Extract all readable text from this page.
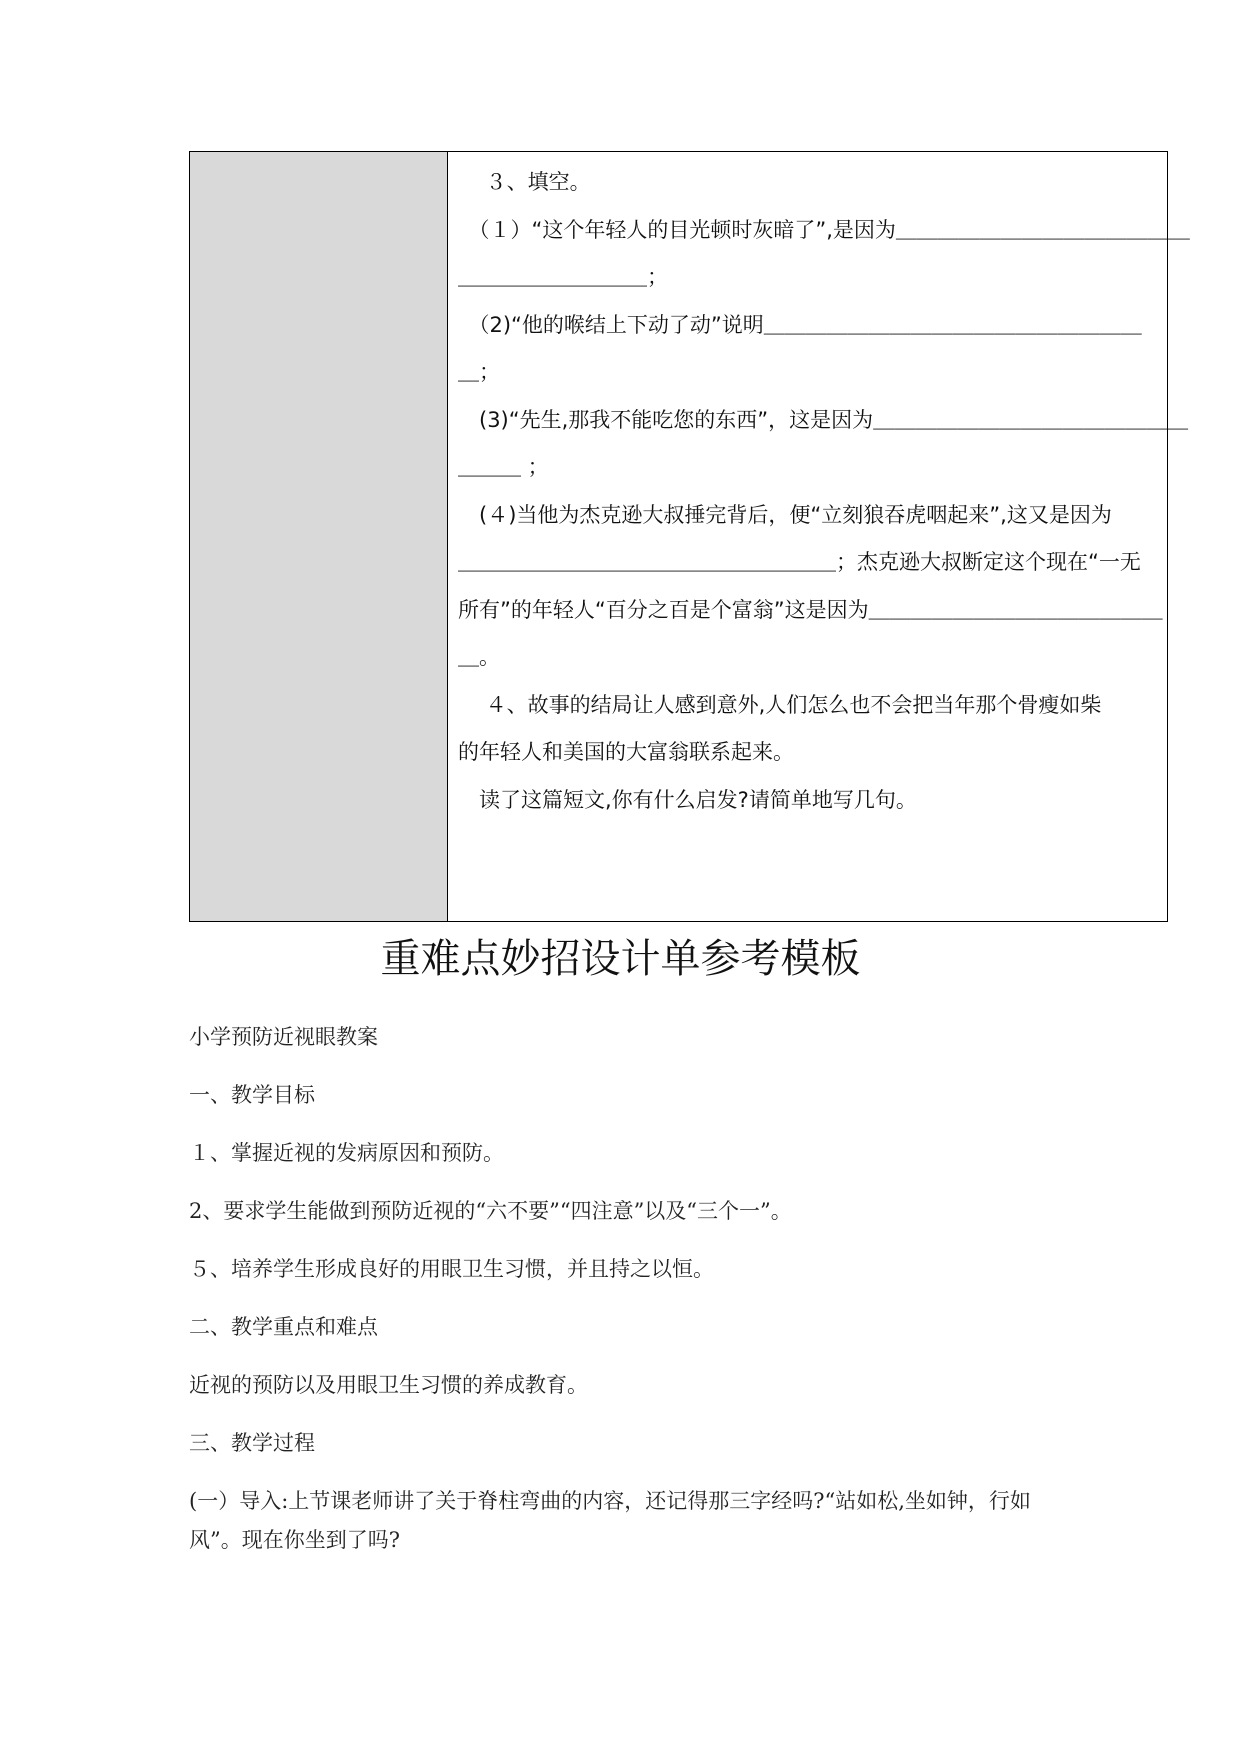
　 ３、填空。
　（１）“这个年轻人的目光顿时灰暗了”,是因为＿＿＿＿＿＿＿＿＿＿＿＿＿＿
＿＿＿＿＿＿＿＿＿；
　（2)“他的喉结上下动了动”说明＿＿＿＿＿＿＿＿＿＿＿＿＿＿＿＿＿＿
＿；
　(3)“先生,那我不能吃您的东西”，这是因为＿＿＿＿＿＿＿＿＿＿＿＿＿＿＿
＿＿＿ ；
　(４)当他为杰克逊大叔捶完背后，便“立刻狼吞虎咽起来”,这又是因为
＿＿＿＿＿＿＿＿＿＿＿＿＿＿＿＿＿＿；杰克逊大叔断定这个现在“一无
所有”的年轻人“百分之百是个富翁”这是因为＿＿＿＿＿＿＿＿＿＿＿＿＿＿
＿。
　 ４、故事的结局让人感到意外,人们怎么也不会把当年那个骨瘦如柴
的年轻人和美国的大富翁联系起来。
　读了这篇短文,你有什么启发?请简单地写几句。
重难点妙招设计单参考模板
小学预防近视眼教案
一、教学目标
１、掌握近视的发病原因和预防。
2、要求学生能做到预防近视的“六不要”“四注意”以及“三个一”。
５、培养学生形成良好的用眼卫生习惯，并且持之以恒。
二、教学重点和难点
近视的预防以及用眼卫生习惯的养成教育。
三、教学过程
(一）导入:上节课老师讲了关于脊柱弯曲的内容，还记得那三字经吗?“站如松,坐如钟，行如
风”。现在你坐到了吗?
